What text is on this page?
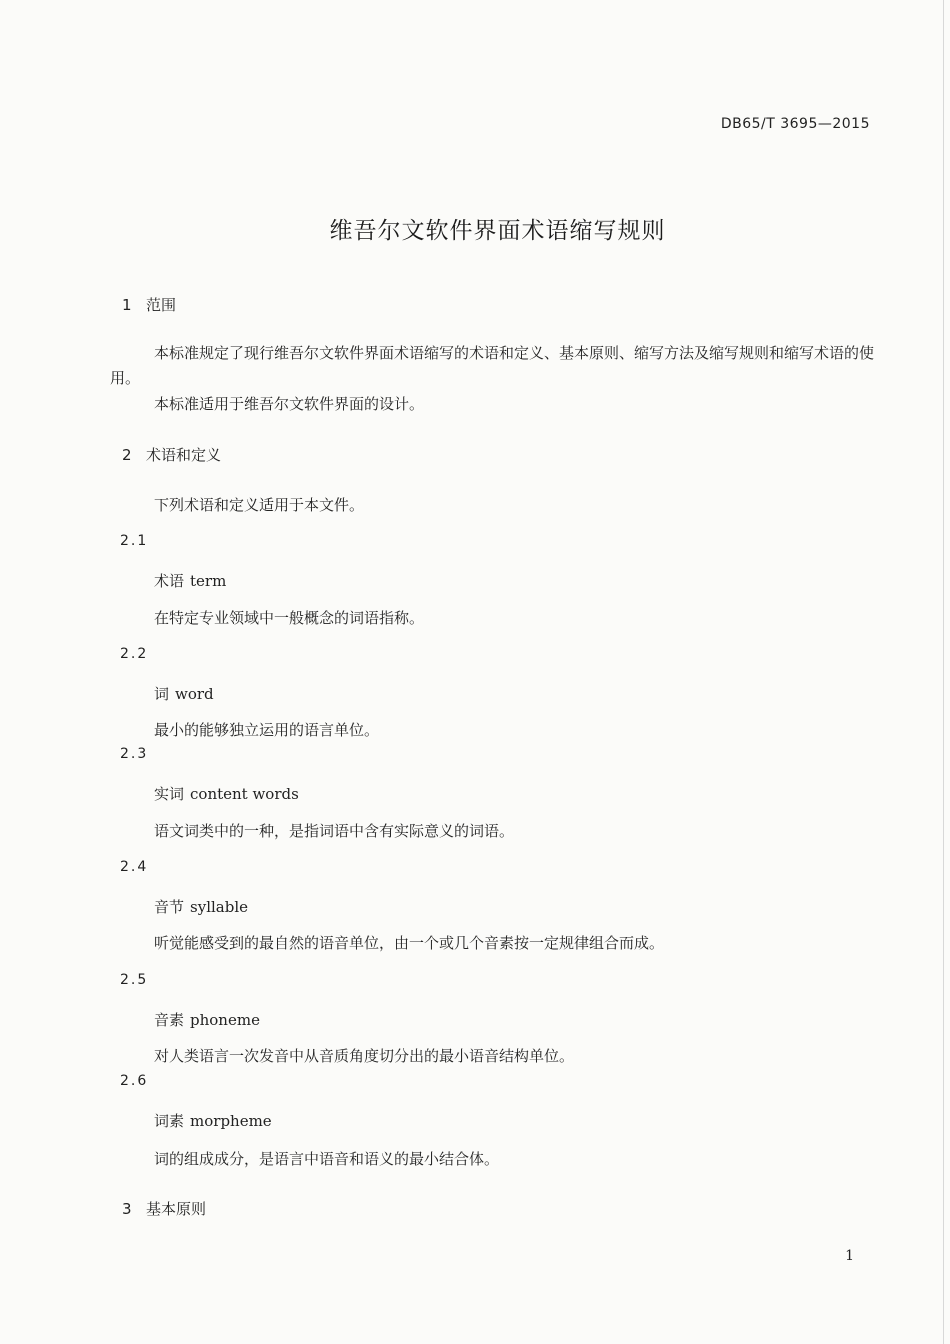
DB65/T 3695—2015
维吾尔文软件界面术语缩写规则
1 范围
本标准规定了现行维吾尔文软件界面术语缩写的术语和定义、基本原则、缩写方法及缩写规则和缩写术语的使用。
本标准适用于维吾尔文软件界面的设计。
2 术语和定义
下列术语和定义适用于本文件。
2.1
术语 term
在特定专业领域中一般概念的词语指称。
2.2
词 word
最小的能够独立运用的语言单位。
2.3
实词 content words
语文词类中的一种，是指词语中含有实际意义的词语。
2.4
音节 syllable
听觉能感受到的最自然的语音单位，由一个或几个音素按一定规律组合而成。
2.5
音素 phoneme
对人类语言一次发音中从音质角度切分出的最小语音结构单位。
2.6
词素 morpheme
词的组成成分，是语言中语音和语义的最小结合体。
3 基本原则
1
